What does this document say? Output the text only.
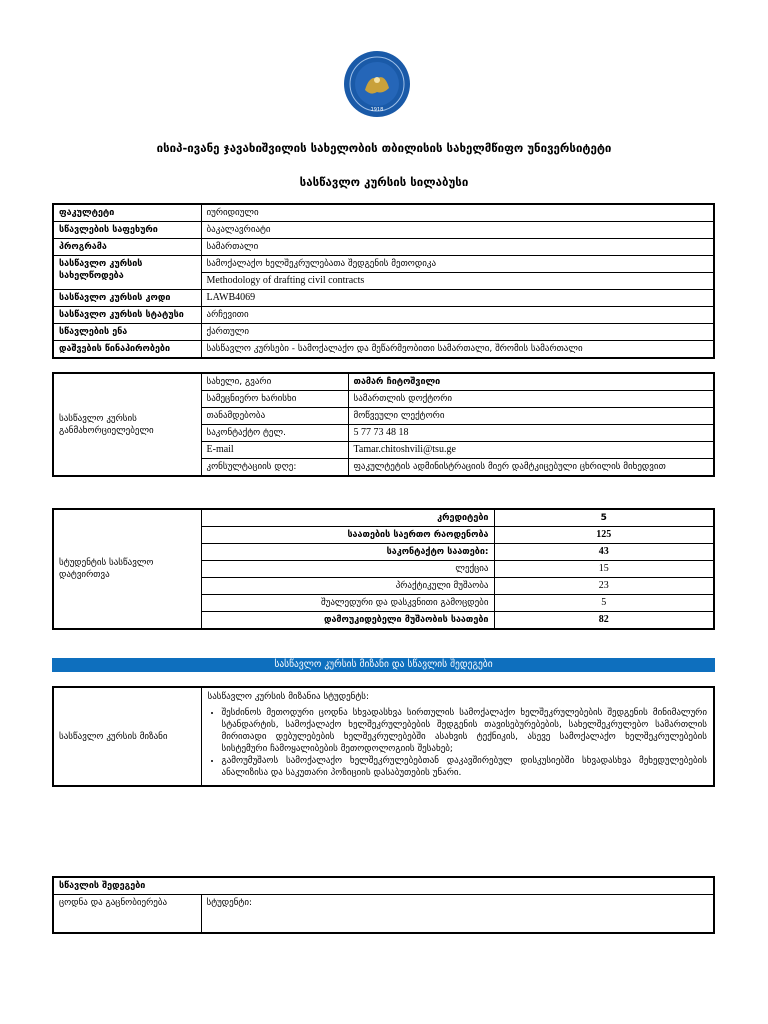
1918
ისიპ-ივანე ჯავახიშვილის სახელობის თბილისის სახელმწიფო უნივერსიტეტი
სასწავლო კურსის სილაბუსი
ფაკულტეტი	იურიდიული
სწავლების საფეხური	ბაკალავრიატი
პროგრამა	სამართალი
სასწავლო კურსის სახელწოდება	სამოქალაქო ხელშეკრულებათა შედგენის მეთოდიკა
	Methodology of drafting civil contracts
სასწავლო კურსის კოდი	LAWB4069
სასწავლო კურსის სტატუსი	არჩევითი
სწავლების ენა	ქართული
დაშვების წინაპირობები	სასწავლო კურსები - სამოქალაქო და მეწარმეობითი სამართალი, შრომის სამართალი
სასწავლო კურსის განმახორციელებელი	სახელი, გვარი	თამარ ჩიტოშვილი
	სამეცნიერო ხარისხი	სამართლის დოქტორი
	თანამდებობა	მოწვეული ლექტორი
	საკონტაქტო ტელ.	5 77 73 48 18
	E-mail	Tamar.chitoshvili@tsu.ge
	კონსულტაციის დღე:	ფაკულტეტის ადმინისტრაციის მიერ დამტკიცებული ცხრილის მიხედვით
სტუდენტის სასწავლო დატვირთვა	კრედიტები	5
	საათების საერთო რაოდენობა	125
	საკონტაქტო საათები:	43
	ლექცია	15
	პრაქტიკული მუშაობა	23
	შუალედური და დასკვნითი გამოცდები	5
	დამოუკიდებელი მუშაობის საათები	82
სასწავლო კურსის მიზანი და სწავლის შედეგები
სასწავლო კურსის მიზანი	
სასწავლო კურსის მიზანია სტუდენტს:
• შესძინოს მეთოდური ცოდნა სხვადასხვა სირთულის სამოქალაქო ხელშეკრულებების შედგენის მინიმალური სტანდარტის, სამოქალაქო ხელშეკრულებების შედგენის თავისებურებების, სახელშეკრულებო სამართლის მირითადი დებულებების ხელშეკრულებებში ასახვის ტექნიკის, ასევე სამოქალაქო ხელშეკრულებების სისტემური ჩამოყალიბების მეთოდოლოგიის შესახებ;
• გამოუმუშაოს სამოქალაქო ხელშეკრულებებთან დაკავშირებულ დისკუსიებში სხვადასხვა მეხედულებების ანალიზისა და საკუთარი პოზიციის დასაბუთების უნარი.
სწავლის შედეგები
ცოდნა და გაცნობიერება	სტუდენტი:
